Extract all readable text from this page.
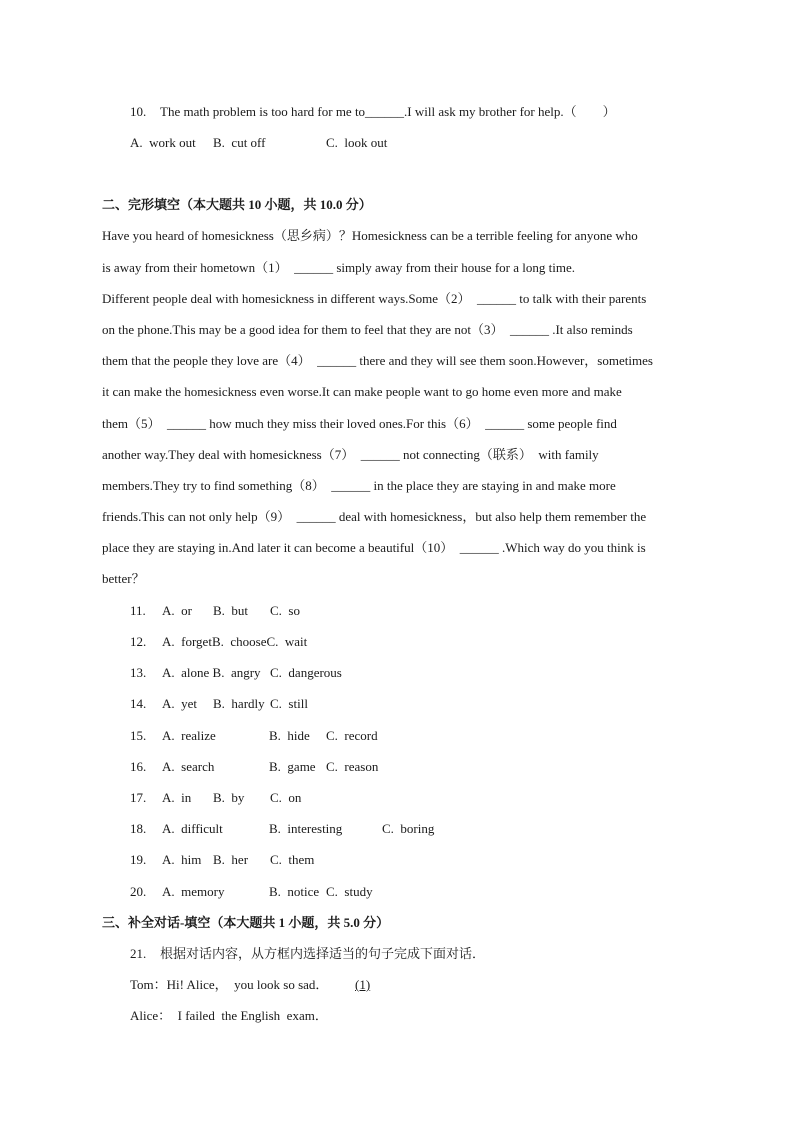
10. The math problem is too hard for me to______.I will ask my brother for help.（　　）
A.  work out B.  cut off	C.  look out
二、完形填空（本大题共 10 小题，共 10.0 分）
Have you heard of homesickness（思乡病）？Homesickness can be a terrible feeling for anyone who
is away from their hometown（1）  ______ simply away from their house for a long time.
Different people deal with homesickness in different ways.Some（2）  ______ to talk with their parents
on the phone.This may be a good idea for them to feel that they are not（3）  ______ .It also reminds
them that the people they love are（4）  ______ there and they will see them soon.However，sometimes
it can make the homesickness even worse.It can make people want to go home even more and make
them（5）  ______ how much they miss their loved ones.For this（6）  ______ some people find
another way.They deal with homesickness（7）  ______ not connecting（联系）  with family
members.They try to find something（8）  ______ in the place they are staying in and make more
friends.This can not only help（9）  ______ deal with homesickness，but also help them remember the
place they are staying in.And later it can become a beautiful（10）  ______ .Which way do you think is
better？
11. A.  or B.  but C.  so
12. A.  forgetB.  chooseC.  wait
13. A.  alone B.  angry C.  dangerous
14. A.  yet B.  hardly C.  still
15. A.  realize	B.  hide C.  record
16. A.  search	B.  game C.  reason
17. A.  in B.  by C.  on
18. A.  difficult	B.  interesting	C.  boring
19. A.  him B.  her C.  them
20. A.  memory	B.  notice C.  study
三、补全对话-填空（本大题共 1 小题，共 5.0 分）
21. 根据对话内容，从方框内选择适当的句子完成下面对话．
Tom：Hi! Alice，  you look so sad． (1)
Alice：  I failed  the English  exam．
